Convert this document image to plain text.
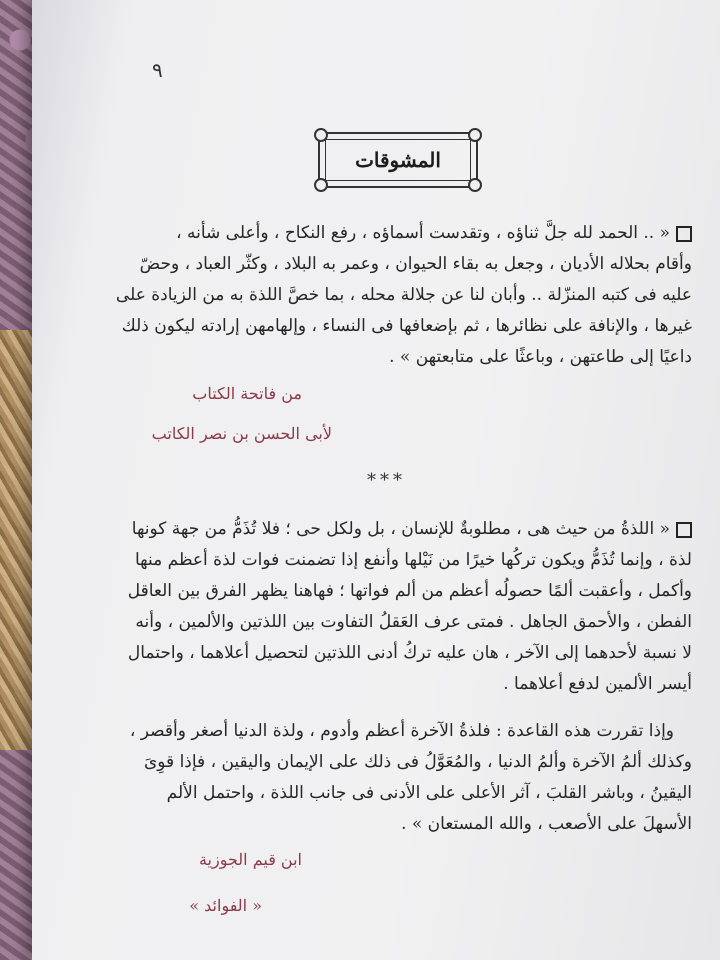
٩
المشوقات
« .. الحمد لله جلَّ ثناؤه ، وتقدست أسماؤه ، رفع النكاح ، وأعلى شأنه ،
وأقام بحلاله الأديان ، وجعل به بقاء الحيوان ، وعمر به البلاد ، وكثّر العباد ، وحضّ
عليه فى كتبه المنزّلة .. وأبان لنا عن جلالة محله ، بما خصَّ اللذة به من الزيادة على
غيرها ، والإنافة على نظائرها ، ثم بإضعافها فى النساء ، وإلهامهن إرادته ليكون ذلك
داعيًا إلى طاعتهن ، وباعثًا على متابعتهن » .
من فاتحة الكتاب
لأبى الحسن بن نصر الكاتب
***
« اللذةُ من حيث هى ، مطلوبةٌ للإنسان ، بل ولكل حى ؛ فلا تُذَمُّ من جهة كونها
لذة ، وإنما تُذَمُّ ويكون تركُها خيرًا من نَيْلها وأنفع إذا تضمنت فوات لذة أعظم منها
وأكمل ، وأعقبت ألمًا حصولُه أعظم من ألم فواتها ؛ فهاهنا يظهر الفرق بين العاقل
الفطن ، والأحمق الجاهل . فمتى عرف العَقلُ التفاوت بين اللذتين والألمين ، وأنه
لا نسبة لأحدهما إلى الآخر ، هان عليه تركُ أدنى اللذتين لتحصيل أعلاهما ، واحتمال
أيسر الألمين لدفع أعلاهما .
وإذا تقررت هذه القاعدة : فلذةُ الآخرة أعظم وأدوم ، ولذة الدنيا أصغر وأقصر ،
وكذلك ألمُ الآخرة وألمُ الدنيا ، والمُعَوَّلُ فى ذلك على الإيمان واليقين ، فإذا قوِىَ
اليقينُ ، وباشر القلبَ ، آثر الأعلى على الأدنى فى جانب اللذة ، واحتمل الألم
الأسهلَ على الأصعب ، والله المستعان » .
ابن قيم الجوزية
« الفوائد »
